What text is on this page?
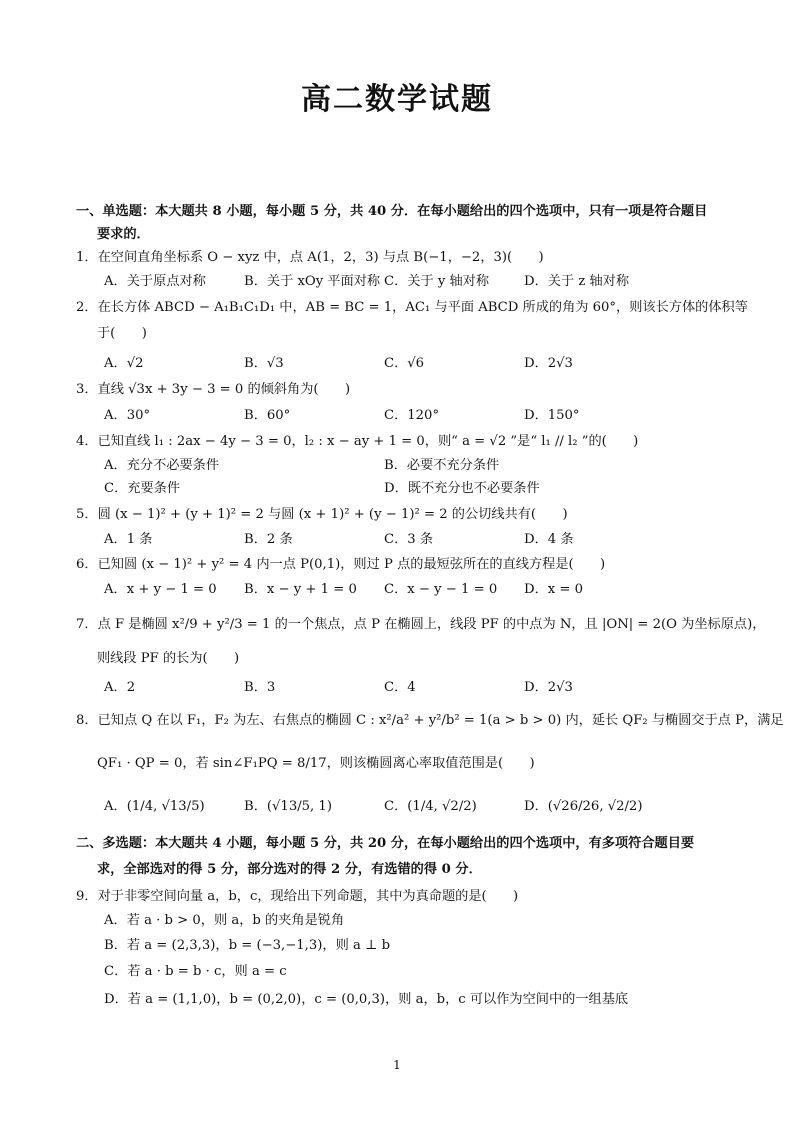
高二数学试题
一、单选题：本大题共 8 小题，每小题 5 分，共 40 分．在每小题给出的四个选项中，只有一项是符合题目
要求的．
1．在空间直角坐标系 O − xyz 中，点 A(1，2，3) 与点 B(−1，−2，3)(　　)
A．关于原点对称	B．关于 xOy 平面对称 C．关于 y 轴对称	D．关于 z 轴对称
2．在长方体 ABCD − A₁B₁C₁D₁ 中，AB = BC = 1，AC₁ 与平面 ABCD 所成的角为 60°，则该长方体的体积等
于(　　)
A．√2	B．√3	C．√6	D．2√3
3．直线 √3x + 3y − 3 = 0 的倾斜角为(　　)
A．30°	B．60°	C．120°	D．150°
4．已知直线 l₁ : 2ax − 4y − 3 = 0，l₂ : x − ay + 1 = 0，则“ a = √2 ”是“ l₁ // l₂ ”的(　　)
A．充分不必要条件	B．必要不充分条件
C．充要条件	D．既不充分也不必要条件
5．圆 (x − 1)² + (y + 1)² = 2 与圆 (x + 1)² + (y − 1)² = 2 的公切线共有(　　)
A．1 条	B．2 条	C．3 条	D．4 条
6．已知圆 (x − 1)² + y² = 4 内一点 P(0,1)，则过 P 点的最短弦所在的直线方程是(　　)
A．x + y − 1 = 0 B．x − y + 1 = 0 C．x − y − 1 = 0 D．x = 0
7．点 F 是椭圆 x²/9 + y²/3 = 1 的一个焦点，点 P 在椭圆上，线段 PF 的中点为 N，且 |ON| = 2(O 为坐标原点)，
则线段 PF 的长为(　　)
A．2	B．3	C．4	D．2√3
8．已知点 Q 在以 F₁，F₂ 为左、右焦点的椭圆 C : x²/a² + y²/b² = 1(a > b > 0) 内，延长 QF₂ 与椭圆交于点 P，满足
QF₁ · QP = 0，若 sin∠F₁PQ = 8/17，则该椭圆离心率取值范围是(　　)
A．(1/4, √13/5)	B．(√13/5, 1)	C．(1/4, √2/2)	D．(√26/26, √2/2)
二、多选题：本大题共 4 小题，每小题 5 分，共 20 分，在每小题给出的四个选项中，有多项符合题目要
求，全部选对的得 5 分，部分选对的得 2 分，有选错的得 0 分．
9．对于非零空间向量 a，b，c，现给出下列命题，其中为真命题的是(　　)
A．若 a · b > 0，则 a，b 的夹角是锐角
B．若 a = (2,3,3)，b = (−3,−1,3)，则 a ⊥ b
C．若 a · b = b · c，则 a = c
D．若 a = (1,1,0)，b = (0,2,0)，c = (0,0,3)，则 a，b，c 可以作为空间中的一组基底
1
